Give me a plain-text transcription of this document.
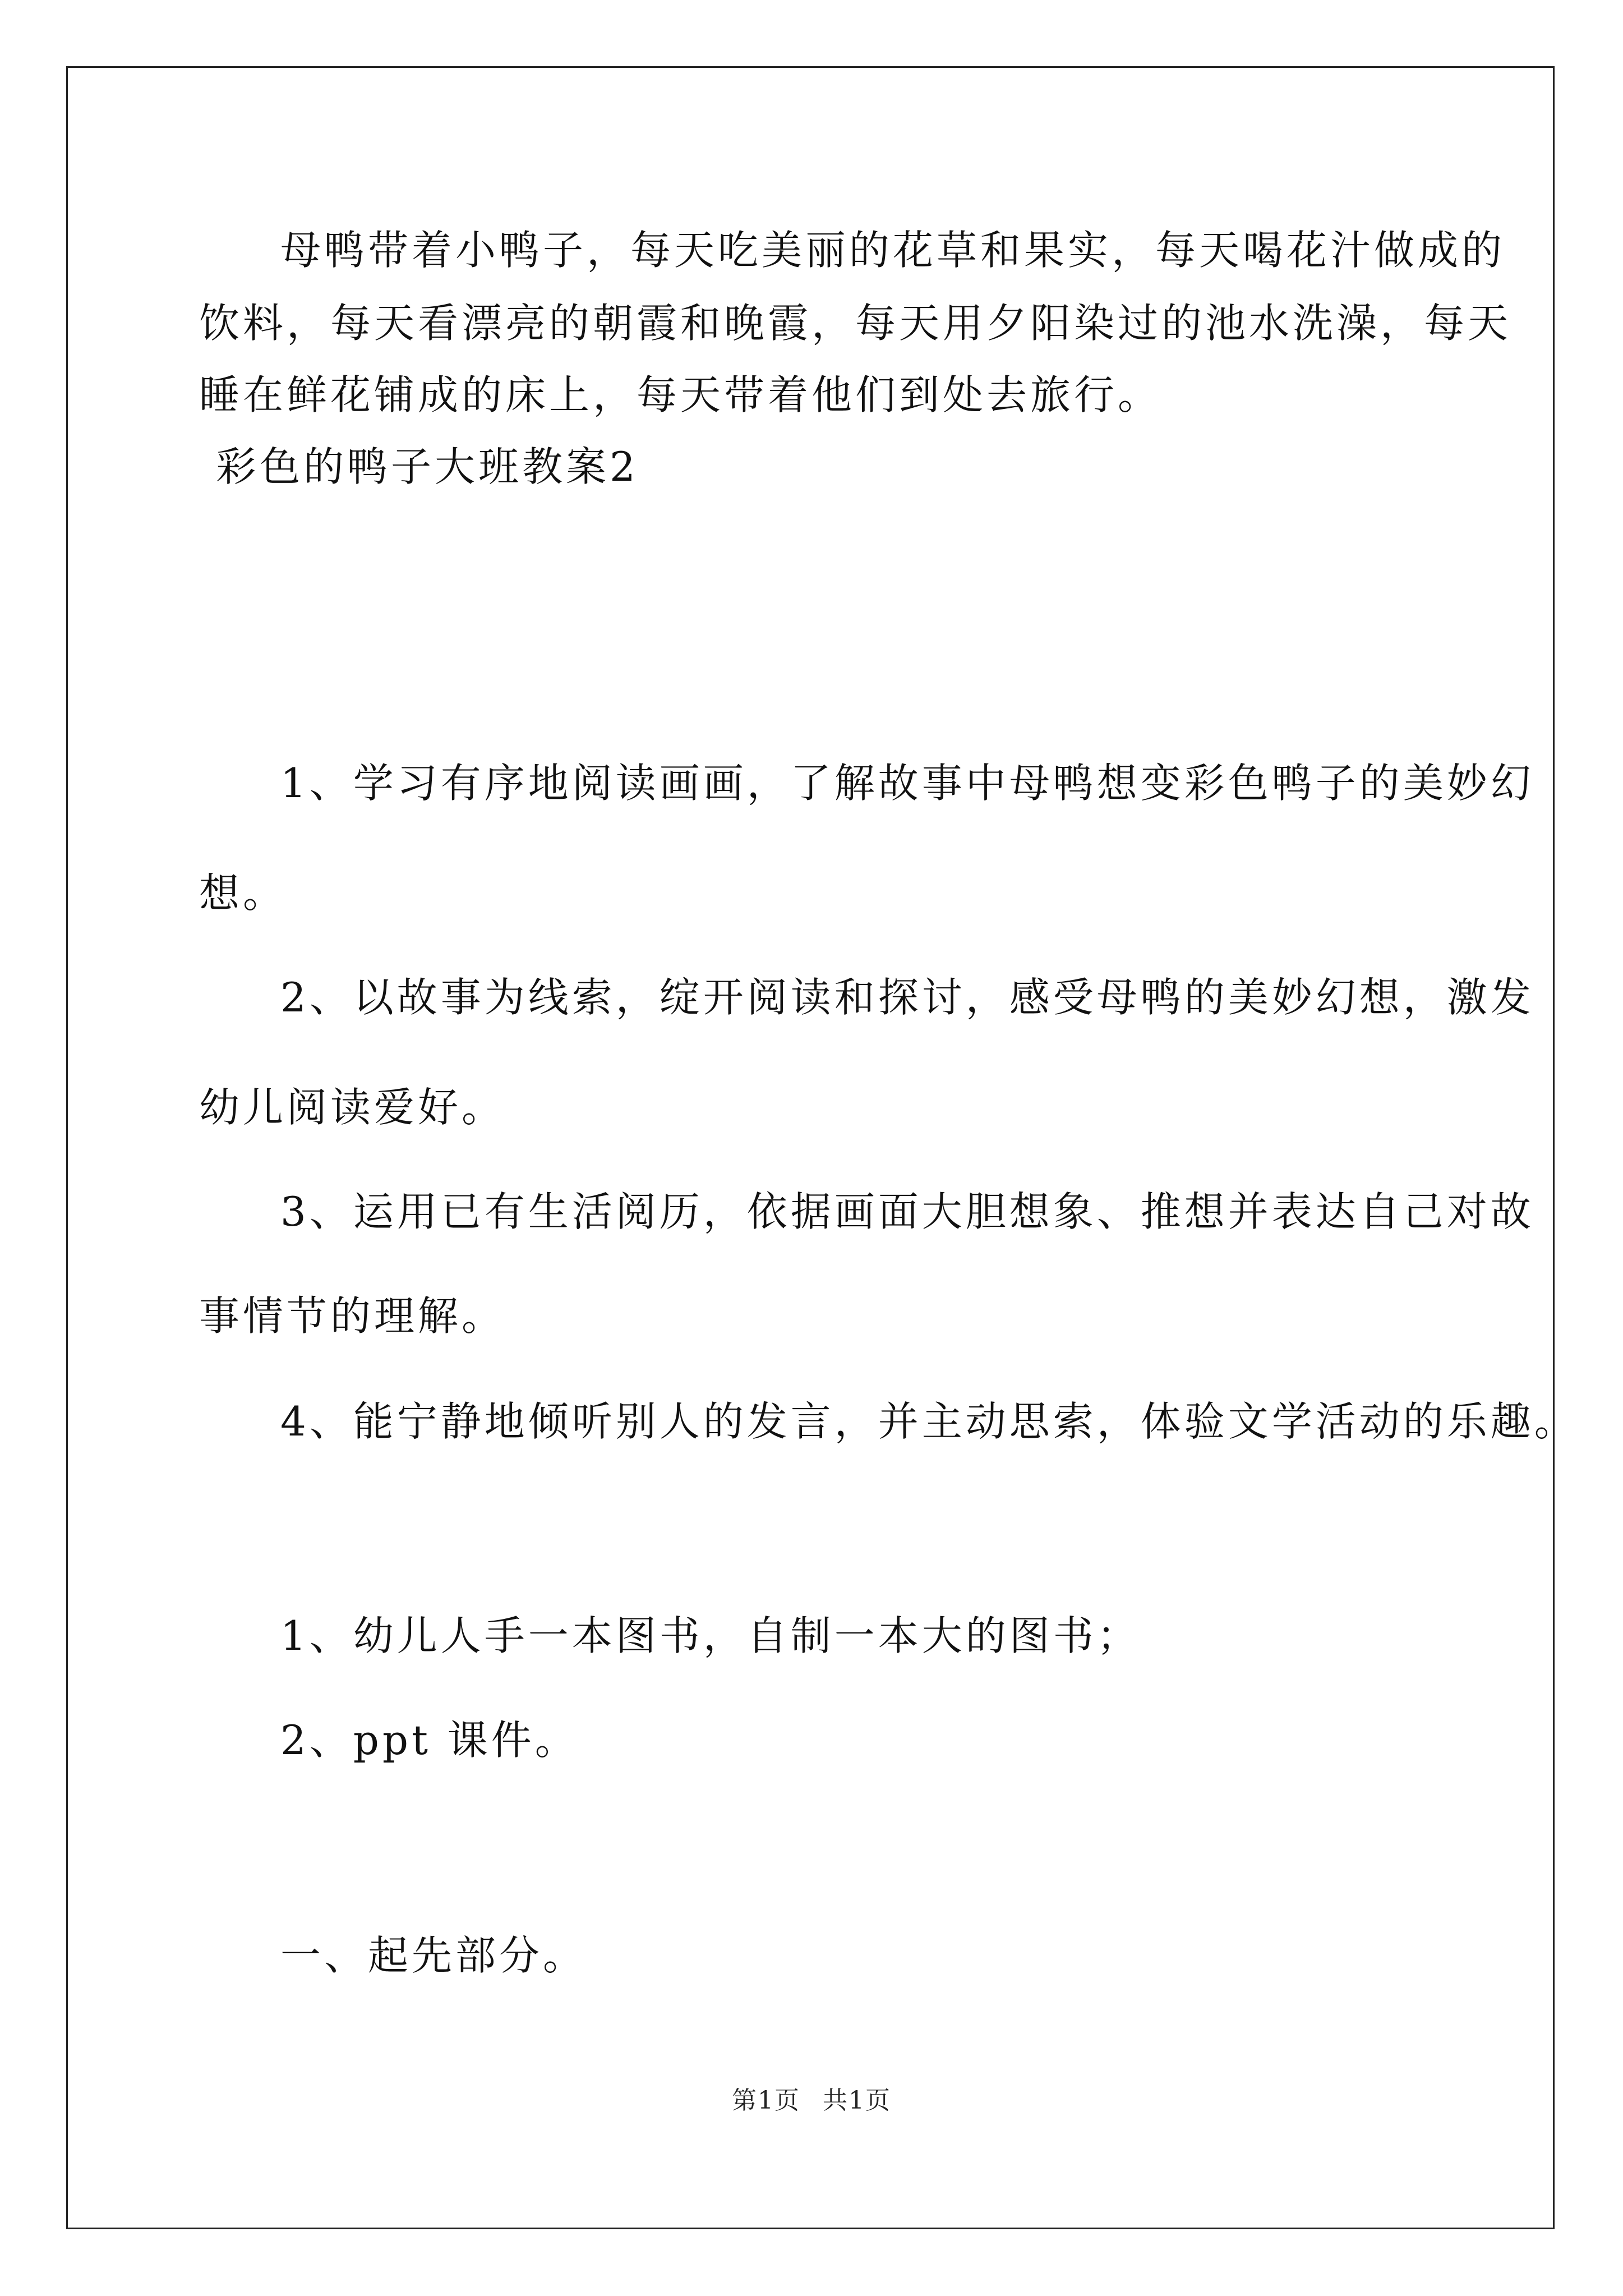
母鸭带着小鸭子，每天吃美丽的花草和果实，每天喝花汁做成的
饮料，每天看漂亮的朝霞和晚霞，每天用夕阳染过的池水洗澡，每天
睡在鲜花铺成的床上，每天带着他们到处去旅行。
彩色的鸭子大班教案2
1、学习有序地阅读画画，了解故事中母鸭想变彩色鸭子的美妙幻
想。
2、以故事为线索，绽开阅读和探讨，感受母鸭的美妙幻想，激发
幼儿阅读爱好。
3、运用已有生活阅历，依据画面大胆想象、推想并表达自己对故
事情节的理解。
4、能宁静地倾听别人的发言，并主动思索，体验文学活动的乐趣。
1、幼儿人手一本图书，自制一本大的图书；
2、ppt 课件。
一、起先部分。
第1页 共1页
